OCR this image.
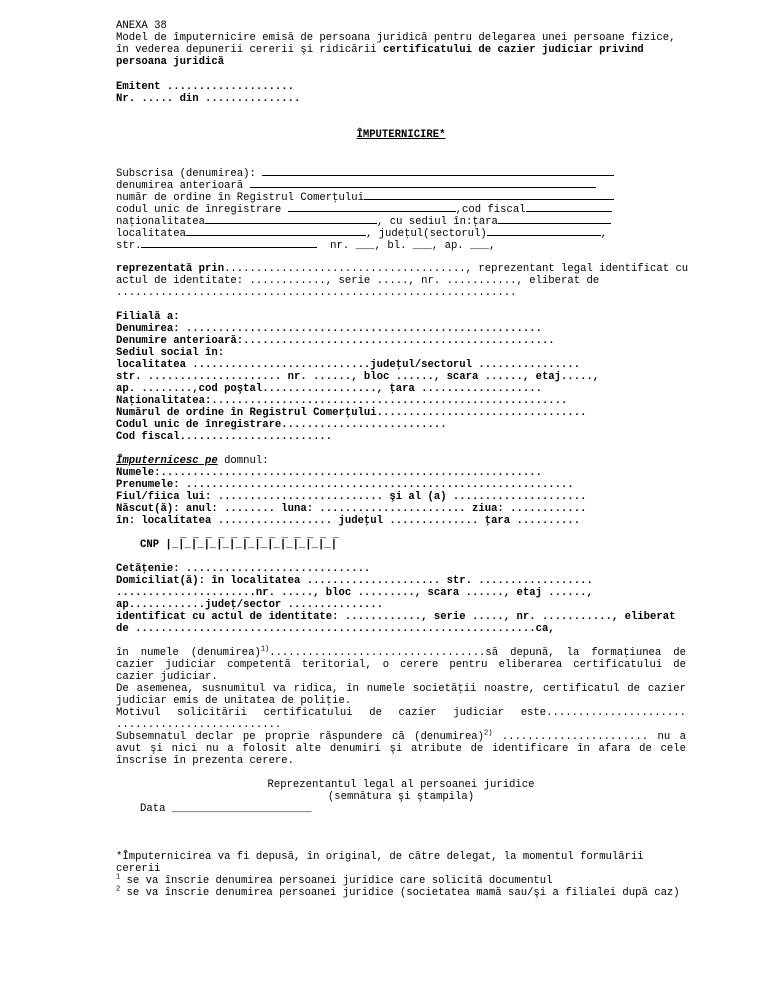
ANEXA 38
Model de împuternicire emisă de persoana juridică pentru delegarea unei persoane fizice,
în vederea depunerii cererii şi ridicării certificatului de cazier judiciar privind
persoana juridică
Emitent ....................
Nr. ..... din ...............
ÎMPUTERNICIRE*
Subscrisa (denumirea):
denumirea anterioară
număr de ordine în Registrul Comerţului
codul unic de înregistrare	,cod fiscal
naţionalitatea	, cu sediul în:ţara
localitatea	, judeţul(sectorul)	,
str.	nr. ___, bl. ___, ap. ___,
reprezentată prin......................................, reprezentant legal identificat cu
actul de identitate: ............, serie ....., nr. ..........., eliberat de
...............................................................
Filială a:
Denumirea: ........................................................
Denumire anterioară:.................................................
Sediul social în:
localitatea ............................judeţul/sectorul ................
str. ..................... nr. ......, bloc ......, scara ......, etaj.....,
ap. ........,cod poştal.................., ţara ...................
Naţionalitatea:........................................................
Numărul de ordine în Registrul Comerţului.................................
Codul unic de înregistrare..........................
Cod fiscal........................
Împuternicesc pe domnul:
Numele:............................................................
Prenumele: .............................................................
Fiul/fiica lui: .......................... şi al (a) .....................
Născut(ă): anul: ........ luna: ....................... ziua: ............
în: localitatea .................. judeţul .............. ţara ..........
_ _ _ _ _ _ _ _ _ _ _ _ _
CNP |_|_|_|_|_|_|_|_|_|_|_|_|_|
Cetăţenie: .............................
Domiciliat(ă): în localitatea ..................... str. ..................
......................nr. ....., bloc ........., scara ......, etaj ......,
ap............judeţ/sector ...............
identificat cu actul de identitate: ............, serie ....., nr. ..........., eliberat
de ...............................................................ca,
în numele (denumirea)$^{1)}$..................................să depună, la formaţiunea de
cazier judiciar competentă teritorial, o cerere pentru eliberarea certificatului de
cazier judiciar.
De asemenea, susnumitul va ridica, în numele societăţii noastre, certificatul de cazier
judiciar emis de unitatea de poliţie.
Motivul solicitării certificatului de cazier judiciar este......................
..........................
Subsemnatul declar pe proprie răspundere că (denumirea)$^{2)}$ ....................... nu a
avut şi nici nu a folosit alte denumiri şi atribute de identificare în afara de cele
înscrise în prezenta cerere.
Reprezentantul legal al persoanei juridice
(semnătura şi ştampila)
Data ______________________
*Împuternicirea va fi depusă, în original, de către delegat, la momentul formulării
cererii
$^1$ se va înscrie denumirea persoanei juridice care solicită documentul
$^2$ se va înscrie denumirea persoanei juridice (societatea mamă sau/şi a filialei după caz)
